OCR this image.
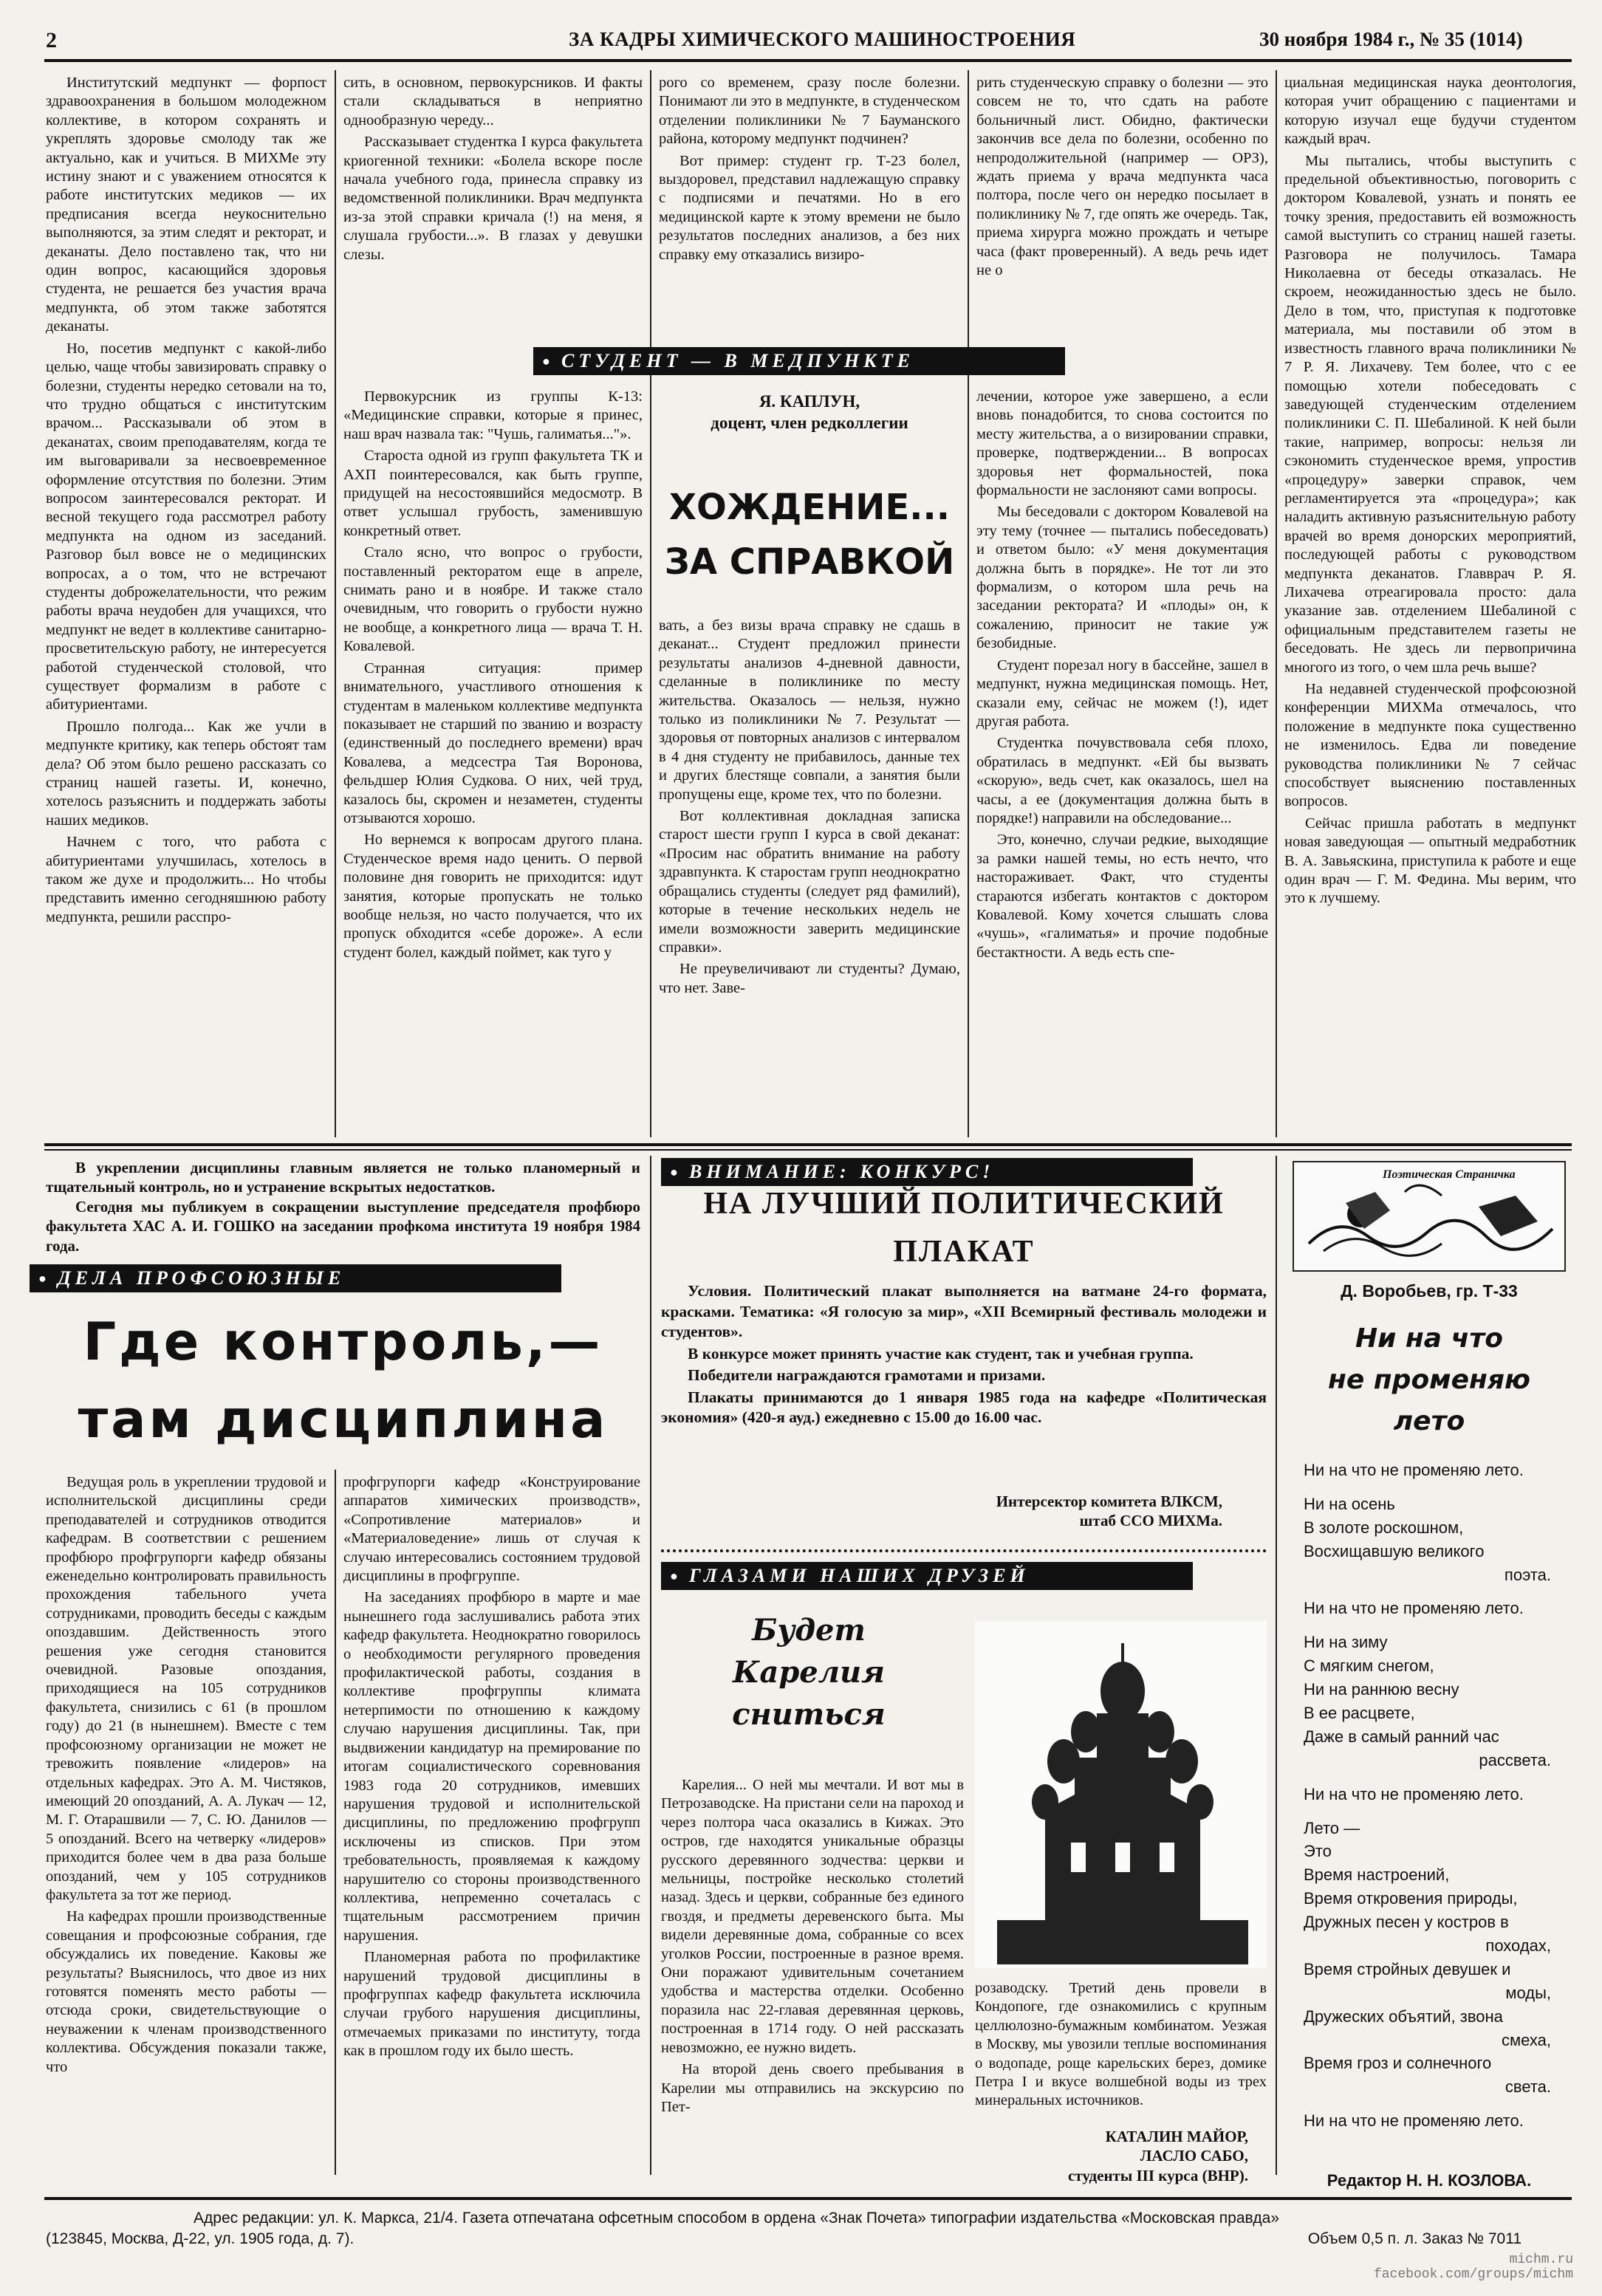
2	ЗА КАДРЫ ХИМИЧЕСКОГО МАШИНОСТРОЕНИЯ	30 ноября 1984 г., № 35 (1014)

Институтский медпункт — форпост здравоохранения в большом молодежном коллективе, в котором сохранять и укреплять здоровье смолоду так же актуально, как и учиться. В МИХМе эту истину знают и с уважением относятся к работе институтских медиков — их предписания всегда неукоснительно выполняются, за этим следят и ректорат, и деканаты. Дело поставлено так, что ни один вопрос, касающийся здоровья студента, не решается без участия врача медпункта, об этом также заботятся деканаты.

Но, посетив медпункт с какой-либо целью, чаще чтобы завизировать справку о болезни, студенты нередко сетовали на то, что трудно общаться с институтским врачом... Рассказывали об этом в деканатах, своим преподавателям, когда те им выговаривали за несвоевременное оформление отсутствия по болезни. Этим вопросом заинтересовался ректорат. И весной текущего года рассмотрел работу медпункта на одном из заседаний. Разговор был вовсе не о медицинских вопросах, а о том, что не встречают студенты доброжелательности, что режим работы врача неудобен для учащихся, что медпункт не ведет в коллективе санитарно-просветительскую работу, не интересуется работой студенческой столовой, что существует формализм в работе с абитуриентами.

Прошло полгода... Как же учли в медпункте критику, как теперь обстоят там дела? Об этом было решено рассказать со страниц нашей газеты. И, конечно, хотелось разъяснить и поддержать заботы наших медиков.

Начнем с того, что работа с абитуриентами улучшилась, хотелось в таком же духе и продолжить... Но чтобы представить именно сегодняшнюю работу медпункта, решили расспро-

сить, в основном, первокурсников. И факты стали складываться в неприятно однообразную череду...

Рассказывает студентка I курса факультета криогенной техники: «Болела вскоре после начала учебного года, принесла справку из ведомственной поликлиники. Врач медпункта из-за этой справки кричала (!) на меня, я слушала грубости...». В глазах у девушки слезы.

рого со временем, сразу после болезни. Понимают ли это в медпункте, в студенческом отделении поликлиники № 7 Бауманского района, которому медпункт подчинен?

Вот пример: студент гр. Т-23 болел, выздоровел, представил надлежащую справку с подписями и печатями. Но в его медицинской карте к этому времени не было результатов последних анализов, а без них справку ему отказались визиро-

рить студенческую справку о болезни — это совсем не то, что сдать на работе больничный лист. Обидно, фактически закончив все дела по болезни, особенно по непродолжительной (например — ОРЗ), ждать приема у врача медпункта часа полтора, после чего он нередко посылает в поликлинику № 7, где опять же очередь. Так, приема хирурга можно прождать и четыре часа (факт проверенный). А ведь речь идет не о

● СТУДЕНТ — В МЕДПУНКТЕ

циальная медицинская наука деонтология, которая учит обращению с пациентами и которую изучал еще будучи студентом каждый врач.

Мы пытались, чтобы выступить с предельной объективностью, поговорить с доктором Ковалевой, узнать и понять ее точку зрения, предоставить ей возможность самой выступить со страниц нашей газеты. Разговора не получилось. Тамара Николаевна от беседы отказалась. Не скроем, неожиданностью здесь не было. Дело в том, что, приступая к подготовке материала, мы поставили об этом в известность главного врача поликлиники № 7 Р. Я. Лихачеву. Тем более, что с ее помощью хотели побеседовать с заведующей студенческим отделением поликлиники С. П. Шебалиной. К ней были такие, например, вопросы: нельзя ли сэкономить студенческое время, упростив «процедуру» заверки справок, чем регламентируется эта «процедура»; как наладить активную разъяснительную работу врачей во время донорских мероприятий, последующей работы с руководством медпункта деканатов. Главврач Р. Я. Лихачева отреагировала просто: дала указание зав. отделением Шебалиной с официальным представителем газеты не беседовать. Не здесь ли первопричина многого из того, о чем шла речь выше?

На недавней студенческой профсоюзной конференции МИХМа отмечалось, что положение в медпункте пока существенно не изменилось. Едва ли поведение руководства поликлиники № 7 сейчас способствует выяснению поставленных вопросов.

Сейчас пришла работать в медпункт новая заведующая — опытный медработник В. А. Завьяскина, приступила к работе и еще один врач — Г. М. Федина. Мы верим, что это к лучшему.

Первокурсник из группы К-13: «Медицинские справки, которые я принес, наш врач назвала так: "Чушь, галиматья..."».

Староста одной из групп факультета ТК и АХП поинтересовался, как быть группе, придущей на несостоявшийся медосмотр. В ответ услышал грубость, заменившую конкретный ответ.

Стало ясно, что вопрос о грубости, поставленный ректоратом еще в апреле, снимать рано и в ноябре. И также стало очевидным, что говорить о грубости нужно не вообще, а конкретного лица — врача Т. Н. Ковалевой.

Странная ситуация: пример внимательного, участливого отношения к студентам в маленьком коллективе медпункта показывает не старший по званию и возрасту (единственный до последнего времени) врач Ковалева, а медсестра Тая Воронова, фельдшер Юлия Судкова. О них, чей труд, казалось бы, скромен и незаметен, студенты отзываются хорошо.

Но вернемся к вопросам другого плана. Студенческое время надо ценить. О первой половине дня говорить не приходится: идут занятия, которые пропускать не только вообще нельзя, но часто получается, что их пропуск обходится «себе дороже». А если студент болел, каждый поймет, как туго у

Я. КАПЛУН,
доцент, член редколлегии
ХОЖДЕНИЕ...
ЗА СПРАВКОЙ

вать, а без визы врача справку не сдашь в деканат... Студент предложил принести результаты анализов 4-дневной давности, сделанные в поликлинике по месту жительства. Оказалось — нельзя, нужно только из поликлиники № 7. Результат — здоровья от повторных анализов с интервалом в 4 дня студенту не прибавилось, данные тех и других блестяще совпали, а занятия были пропущены еще, кроме тех, что по болезни.

Вот коллективная докладная записка старост шести групп I курса в свой деканат: «Просим нас обратить внимание на работу здравпункта. К старостам групп неоднократно обращались студенты (следует ряд фамилий), которые в течение нескольких недель не имели возможности заверить медицинские справки».

Не преувеличивают ли студенты? Думаю, что нет. Заве-

лечении, которое уже завершено, а если вновь понадобится, то снова состоится по месту жительства, а о визировании справки, проверке, подтверждении... В вопросах здоровья нет формальностей, пока формальности не заслоняют сами вопросы.

Мы беседовали с доктором Ковалевой на эту тему (точнее — пытались побеседовать) и ответом было: «У меня документация должна быть в порядке». Не тот ли это формализм, о котором шла речь на заседании ректората? И «плоды» он, к сожалению, приносит не такие уж безобидные.

Студент порезал ногу в бассейне, зашел в медпункт, нужна медицинская помощь. Нет, сказали ему, сейчас не можем (!), идет другая работа.

Студентка почувствовала себя плохо, обратилась в медпункт. «Ей бы вызвать «скорую», ведь счет, как оказалось, шел на часы, а ее (документация должна быть в порядке!) направили на обследование...

Это, конечно, случаи редкие, выходящие за рамки нашей темы, но есть нечто, что настораживает. Факт, что студенты стараются избегать контактов с доктором Ковалевой. Кому хочется слышать слова «чушь», «галиматья» и прочие подобные бестактности. А ведь есть спе-

В укреплении дисциплины главным является не только планомерный и тщательный контроль, но и устранение вскрытых недостатков.

Сегодня мы публикуем в сокращении выступление председателя профбюро факультета ХАС А. И. ГОШКО на заседании профкома института 19 ноября 1984 года.

● ДЕЛА ПРОФСОЮЗНЫЕ
Где контроль,—
там дисциплина

Ведущая роль в укреплении трудовой и исполнительской дисциплины среди преподавателей и сотрудников отводится кафедрам. В соответствии с решением профбюро профгрупорги кафедр обязаны еженедельно контролировать правильность прохождения табельного учета сотрудниками, проводить беседы с каждым опоздавшим. Действенность этого решения уже сегодня становится очевидной. Разовые опоздания, приходящиеся на 105 сотрудников факультета, снизились с 61 (в прошлом году) до 21 (в нынешнем). Вместе с тем профсоюзному организации не может не тревожить появление «лидеров» на отдельных кафедрах. Это А. М. Чистяков, имеющий 20 опозданий, А. А. Лукач — 12, М. Г. Отарашвили — 7, С. Ю. Данилов — 5 опозданий. Всего на четверку «лидеров» приходится более чем в два раза больше опозданий, чем у 105 сотрудников факультета за тот же период.

На кафедрах прошли производственные совещания и профсоюзные собрания, где обсуждались их поведение. Каковы же результаты? Выяснилось, что двое из них готовятся поменять место работы — отсюда сроки, свидетельствующие о неуважении к членам производственного коллектива. Обсуждения показали также, что

профгрупорги кафедр «Конструирование аппаратов химических производств», «Сопротивление материалов» и «Материаловедение» лишь от случая к случаю интересовались состоянием трудовой дисциплины в профгруппе.

На заседаниях профбюро в марте и мае нынешнего года заслушивались работа этих кафедр факультета. Неоднократно говорилось о необходимости регулярного проведения профилактической работы, создания в коллективе профгруппы климата нетерпимости по отношению к каждому случаю нарушения дисциплины. Так, при выдвижении кандидатур на премирование по итогам социалистического соревнования 1983 года 20 сотрудников, имевших нарушения трудовой и исполнительской дисциплины, по предложению профгрупп исключены из списков. При этом требовательность, проявляемая к каждому нарушителю со стороны производственного коллектива, непременно сочеталась с тщательным рассмотрением причин нарушения.

Планомерная работа по профилактике нарушений трудовой дисциплины в профгруппах кафедр факультета исключила случаи грубого нарушения дисциплины, отмечаемых приказами по институту, тогда как в прошлом году их было шесть.

● ВНИМАНИЕ: КОНКУРС!
НА ЛУЧШИЙ ПОЛИТИЧЕСКИЙ
ПЛАКАТ

Условия. Политический плакат выполняется на ватмане 24-го формата, красками. Тематика: «Я голосую за мир», «XII Всемирный фестиваль молодежи и студентов».

В конкурсе может принять участие как студент, так и учебная группа.

Победители награждаются грамотами и призами.

Плакаты принимаются до 1 января 1985 года на кафедре «Политическая экономия» (420-я ауд.) ежедневно с 15.00 до 16.00 час.

Интерсектор комитета ВЛКСМ,
штаб ССО МИХМа.
● ГЛАЗАМИ НАШИХ ДРУЗЕЙ
Будет
Карелия
сниться

Карелия... О ней мы мечтали. И вот мы в Петрозаводске. На пристани сели на пароход и через полтора часа оказались в Кижах. Это остров, где находятся уникальные образцы русского деревянного зодчества: церкви и мельницы, постройке несколько столетий назад. Здесь и церкви, собранные без единого гвоздя, и предметы деревенского быта. Мы видели деревянные дома, собранные со всех уголков России, построенные в разное время. Они поражают удивительным сочетанием удобства и мастерства отделки. Особенно поразила нас 22-главая деревянная церковь, построенная в 1714 году. О ней рассказать невозможно, ее нужно видеть.

На второй день своего пребывания в Карелии мы отправились на экскурсию по Пет-

розаводску. Третий день провели в Кондопоге, где ознакомились с крупным целлюлозно-бумажным комбинатом. Уезжая в Москву, мы увозили теплые воспоминания о водопаде, роще карельских берез, домике Петра I и вкусе волшебной воды из трех минеральных источников.

КАТАЛИН МАЙОР,
ЛАСЛО САБО,
студенты III курса (ВНР).
Поэтическая Страничка
Д. Воробьев, гр. Т-33
Ни на что
не променяю
лето
Ни на что не променяю лето.
Ни на осень
В золоте роскошном,
Восхищавшую великого
поэта.
Ни на что не променяю лето.
Ни на зиму
С мягким снегом,
Ни на раннюю весну
В ее расцвете,
Даже в самый ранний час
рассвета.
Ни на что не променяю лето.
Лето —
Это
Время настроений,
Время откровения природы,
Дружных песен у костров в
походах,
Время стройных девушек и
моды,
Дружеских объятий, звона
смеха,
Время гроз и солнечного
света.
Ни на что не променяю лето.
Редактор Н. Н. КОЗЛОВА.
Адрес редакции: ул. К. Маркса, 21/4. Газета отпечатана офсетным способом в ордена «Знак Почета» типографии издательства «Московская правда»
(123845, Москва, Д-22, ул. 1905 года, д. 7).	Объем 0,5 п. л. Заказ № 7011
michm.ru
facebook.com/groups/michm
